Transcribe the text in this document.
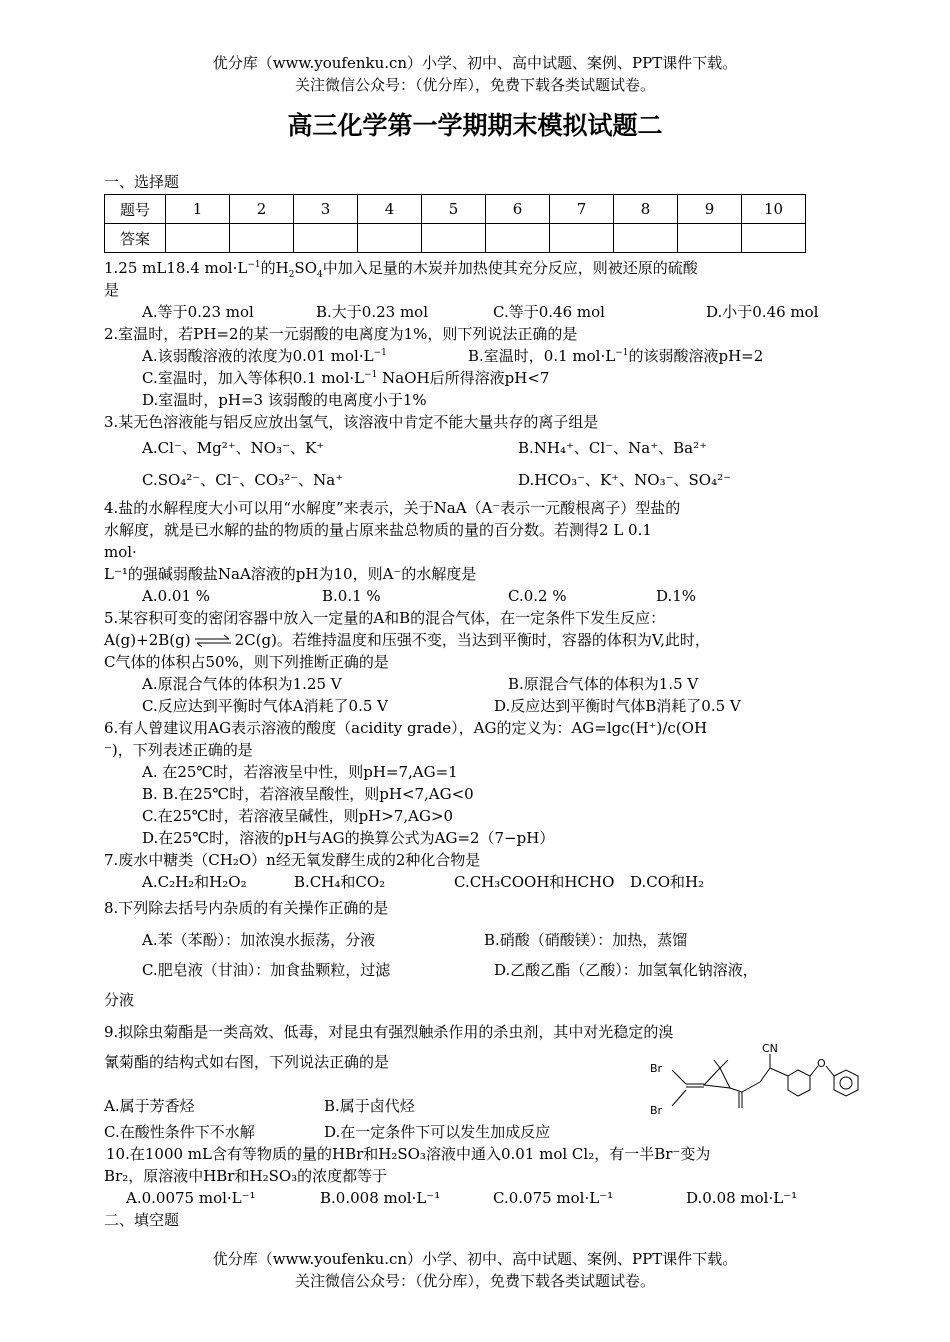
优分库（www.youfenku.cn）小学、初中、高中试题、案例、PPT课件下载。
关注微信公众号：（优分库），免费下载各类试题试卷。
高三化学第一学期期末模拟试题二
一、选择题
题号	1	2	3	4	5	6	7	8	9	10
答案										
1.25 mL18.4 $mol\cdot L^{-1}$的$H_2SO_4$中加入足量的木炭并加热使其充分反应，则被还原的硫酸
是
A.等于0.23 mol	B.大于0.23 mol	C.等于0.46 mol	D.小于0.46 mol
2.室温时，若PH=2的某一元弱酸的电离度为1%，则下列说法正确的是
A.该弱酸溶液的浓度为0.01 $mol\cdot L^{-1}$	B.室温时，0.1 $mol\cdot L^{-1}$的该弱酸溶液pH=2
C.室温时，加入等体积0.1 $mol\cdot L^{-1}$ NaOH后所得溶液pH<7
D.室温时，pH=3 该弱酸的电离度小于1%
3.某无色溶液能与铝反应放出氢气，该溶液中肯定不能大量共存的离子组是
A.Cl⁻、Mg²⁺、NO₃⁻、K⁺	B.NH₄⁺、Cl⁻、Na⁺、Ba²⁺
C.SO₄²⁻、Cl⁻、CO₃²⁻、Na⁺	D.HCO₃⁻、K⁺、NO₃⁻、SO₄²⁻
4.盐的水解程度大小可以用“水解度”来表示，关于NaA（A⁻表示一元酸根离子）型盐的
水解度，就是已水解的盐的物质的量占原来盐总物质的量的百分数。若测得2 L 0.1
mol·
L⁻¹的强碱弱酸盐NaA溶液的pH为10，则A⁻的水解度是
A.0.01 %	B.0.1 %	C.0.2 %	D.1%
5.某容积可变的密闭容器中放入一定量的A和B的混合气体，在一定条件下发生反应：
A(g)+2B(g) ⇌ 2C(g)。若维持温度和压强不变，当达到平衡时，容器的体积为V,此时，
C气体的体积占50%，则下列推断正确的是
A.原混合气体的体积为1.25 V	B.原混合气体的体积为1.5 V
C.反应达到平衡时气体A消耗了0.5 V	D.反应达到平衡时气体B消耗了0.5 V
6.有人曾建议用AG表示溶液的酸度（acidity grade），AG的定义为：AG=lgc(H⁺)/c(OH
⁻)，下列表述正确的是
A. 在25℃时，若溶液呈中性，则pH=7,AG=1
B. B.在25℃时，若溶液呈酸性，则pH<7,AG<0
C.在25℃时，若溶液呈碱性，则pH>7,AG>0
D.在25℃时，溶液的pH与AG的换算公式为AG=2（7−pH）
7.废水中糖类（CH₂O）n经无氧发酵生成的2种化合物是
A.C₂H₂和H₂O₂	B.CH₄和CO₂	C.CH₃COOH和HCHO D.CO和H₂
8.下列除去括号内杂质的有关操作正确的是
A.苯（苯酚）：加浓溴水振荡，分液	B.硝酸（硝酸镁）：加热，蒸馏
C.肥皂液（甘油）：加食盐颗粒，过滤	D.乙酸乙酯（乙酸）：加氢氧化钠溶液，
分液
9.拟除虫菊酯是一类高效、低毒，对昆虫有强烈触杀作用的杀虫剂，其中对光稳定的溴
氰菊酯的结构式如右图，下列说法正确的是
A.属于芳香烃	B.属于卤代烃
C.在酸性条件下不水解	D.在一定条件下可以发生加成反应
CN
Br
Br
O
10.在1000 mL含有等物质的量的HBr和H₂SO₃溶液中通入0.01 mol Cl₂，有一半Br⁻变为
Br₂，原溶液中HBr和H₂SO₃的浓度都等于
A.0.0075 mol·L⁻¹	B.0.008 mol·L⁻¹	C.0.075 mol·L⁻¹	D.0.08 mol·L⁻¹
二、填空题
优分库（www.youfenku.cn）小学、初中、高中试题、案例、PPT课件下载。
关注微信公众号：（优分库），免费下载各类试题试卷。
